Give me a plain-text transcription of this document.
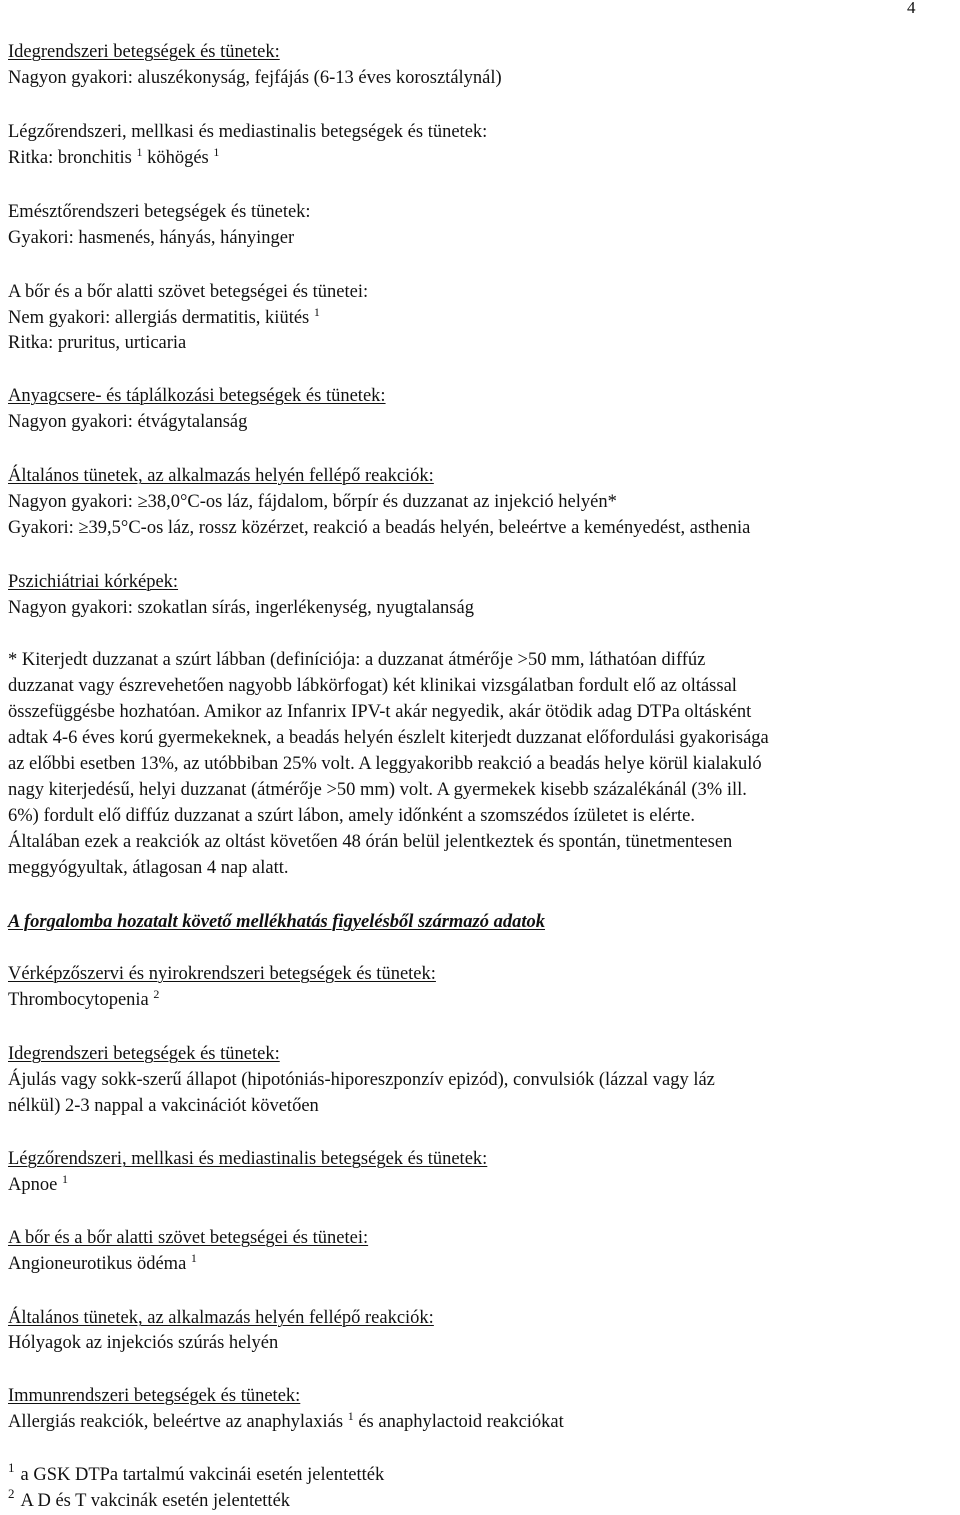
4
Idegrendszeri betegségek és tünetek:
Nagyon gyakori: aluszékonyság, fejfájás (6-13 éves korosztálynál)
Légzőrendszeri, mellkasi és mediastinalis betegségek és tünetek:
Ritka: bronchitis $^1$ köhögés $^1$
Emésztőrendszeri betegségek és tünetek:
Gyakori: hasmenés, hányás, hányinger
A bőr és a bőr alatti szövet betegségei és tünetei:
Nem gyakori: allergiás dermatitis, kiütés $^1$
Ritka: pruritus, urticaria
Anyagcsere- és táplálkozási betegségek és tünetek:
Nagyon gyakori: étvágytalanság
Általános tünetek, az alkalmazás helyén fellépő reakciók:
Nagyon gyakori: ≥38,0°C-os láz, fájdalom, bőrpír és duzzanat az injekció helyén*
Gyakori: ≥39,5°C-os láz, rossz közérzet, reakció a beadás helyén, beleértve a keményedést, asthenia
Pszichiátriai kórképek:
Nagyon gyakori: szokatlan sírás, ingerlékenység, nyugtalanság
* Kiterjedt duzzanat a szúrt lábban (definíciója: a duzzanat átmérője >50 mm, láthatóan diffúz
duzzanat vagy észrevehetően nagyobb lábkörfogat) két klinikai vizsgálatban fordult elő az oltással
összefüggésbe hozhatóan. Amikor az Infanrix IPV-t akár negyedik, akár ötödik adag DTPa oltásként
adtak 4-6 éves korú gyermekeknek, a beadás helyén észlelt kiterjedt duzzanat előfordulási gyakorisága
az előbbi esetben 13%, az utóbbiban 25% volt. A leggyakoribb reakció a beadás helye körül kialakuló
nagy kiterjedésű, helyi duzzanat (átmérője >50 mm) volt. A gyermekek kisebb százalékánál (3% ill.
6%) fordult elő diffúz duzzanat a szúrt lábon, amely időnként a szomszédos ízületet is elérte.
Általában ezek a reakciók az oltást követően 48 órán belül jelentkeztek és spontán, tünetmentesen
meggyógyultak, átlagosan 4 nap alatt.
A forgalomba hozatalt követő mellékhatás figyelésből származó adatok
Vérképzőszervi és nyirokrendszeri betegségek és tünetek:
Thrombocytopenia $^2$
Idegrendszeri betegségek és tünetek:
Ájulás vagy sokk-szerű állapot (hipotóniás-hiporeszponzív epizód), convulsiók (lázzal vagy láz
nélkül) 2-3 nappal a vakcinációt követően
Légzőrendszeri, mellkasi és mediastinalis betegségek és tünetek:
Apnoe $^1$
A bőr és a bőr alatti szövet betegségei és tünetei:
Angioneurotikus ödéma $^1$
Általános tünetek, az alkalmazás helyén fellépő reakciók:
Hólyagok az injekciós szúrás helyén
Immunrendszeri betegségek és tünetek:
Allergiás reakciók, beleértve az anaphylaxiás $^1$ és anaphylactoid reakciókat
$^1$ a GSK DTPa tartalmú vakcinái esetén jelentették
$^2$ A D és T vakcinák esetén jelentették
